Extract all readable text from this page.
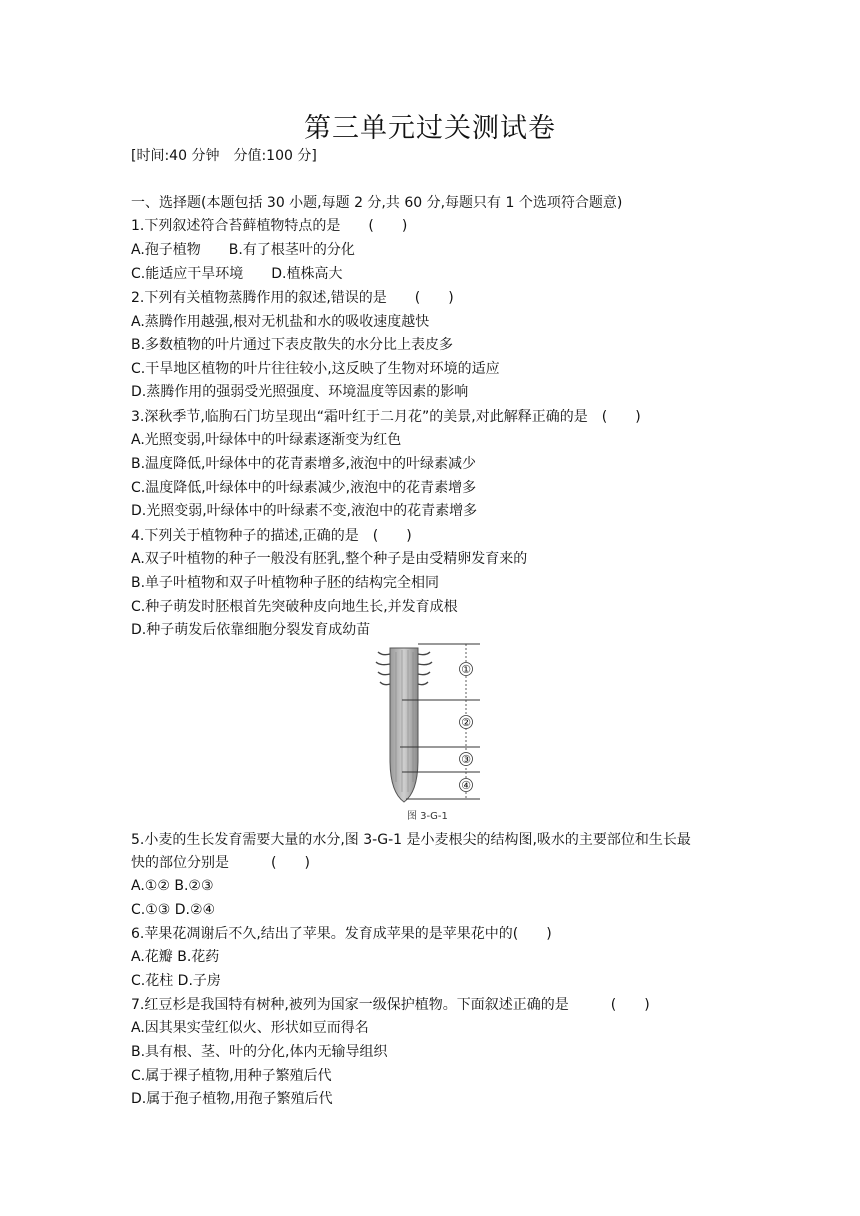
第三单元过关测试卷
[时间:40 分钟　分值:100 分]
一、选择题(本题包括 30 小题,每题 2 分,共 60 分,每题只有 1 个选项符合题意)
1.下列叙述符合苔藓植物特点的是　　(　　)
A.孢子植物　　B.有了根茎叶的分化
C.能适应干旱环境　　D.植株高大
2.下列有关植物蒸腾作用的叙述,错误的是　　(　　)
A.蒸腾作用越强,根对无机盐和水的吸收速度越快
B.多数植物的叶片通过下表皮散失的水分比上表皮多
C.干旱地区植物的叶片往往较小,这反映了生物对环境的适应
D.蒸腾作用的强弱受光照强度、环境温度等因素的影响
3.深秋季节,临朐石门坊呈现出“霜叶红于二月花”的美景,对此解释正确的是　(　　)
A.光照变弱,叶绿体中的叶绿素逐渐变为红色
B.温度降低,叶绿体中的花青素增多,液泡中的叶绿素减少
C.温度降低,叶绿体中的叶绿素减少,液泡中的花青素增多
D.光照变弱,叶绿体中的叶绿素不变,液泡中的花青素增多
4.下列关于植物种子的描述,正确的是　(　　)
A.双子叶植物的种子一般没有胚乳,整个种子是由受精卵发育来的
B.单子叶植物和双子叶植物种子胚的结构完全相同
C.种子萌发时胚根首先突破种皮向地生长,并发育成根
D.种子萌发后依靠细胞分裂发育成幼苗
①
②
③
④
图 3-G-1
5.小麦的生长发育需要大量的水分,图 3-G-1 是小麦根尖的结构图,吸水的主要部位和生长最
快的部位分别是　　　(　　)
A.①② B.②③
C.①③ D.②④
6.苹果花凋谢后不久,结出了苹果。发育成苹果的是苹果花中的(　　)
A.花瓣 B.花药
C.花柱 D.子房
7.红豆杉是我国特有树种,被列为国家一级保护植物。下面叙述正确的是　　　(　　)
A.因其果实莹红似火、形状如豆而得名
B.具有根、茎、叶的分化,体内无输导组织
C.属于裸子植物,用种子繁殖后代
D.属于孢子植物,用孢子繁殖后代
